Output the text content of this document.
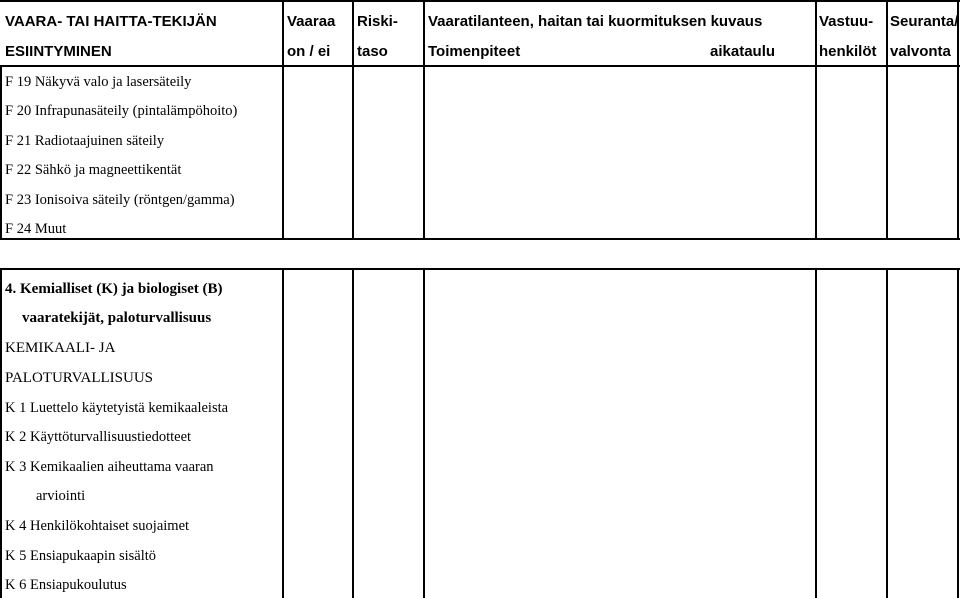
VAARA- TAI HAITTA-TEKIJÄN
ESIINTYMINEN
Vaaraa
on / ei
Riski-
taso
Vaaratilanteen, haitan tai kuormituksen kuvaus
Toimenpiteet	aikataulu
Vastuu-
henkilöt
Seuranta/
valvonta
F 19 Näkyvä valo ja lasersäteily
F 20 Infrapunasäteily (pintalämpöhoito)
F 21 Radiotaajuinen säteily
F 22 Sähkö ja magneettikentät
F 23 Ionisoiva säteily (röntgen/gamma)
F 24 Muut
4. Kemialliset (K) ja biologiset (B)
vaaratekijät, paloturvallisuus
KEMIKAALI- JA
PALOTURVALLISUUS
K 1 Luettelo käytetyistä kemikaaleista
K 2 Käyttöturvallisuustiedotteet
K 3 Kemikaalien aiheuttama vaaran
arviointi
K 4 Henkilökohtaiset suojaimet
K 5 Ensiapukaapin sisältö
K 6 Ensiapukoulutus
